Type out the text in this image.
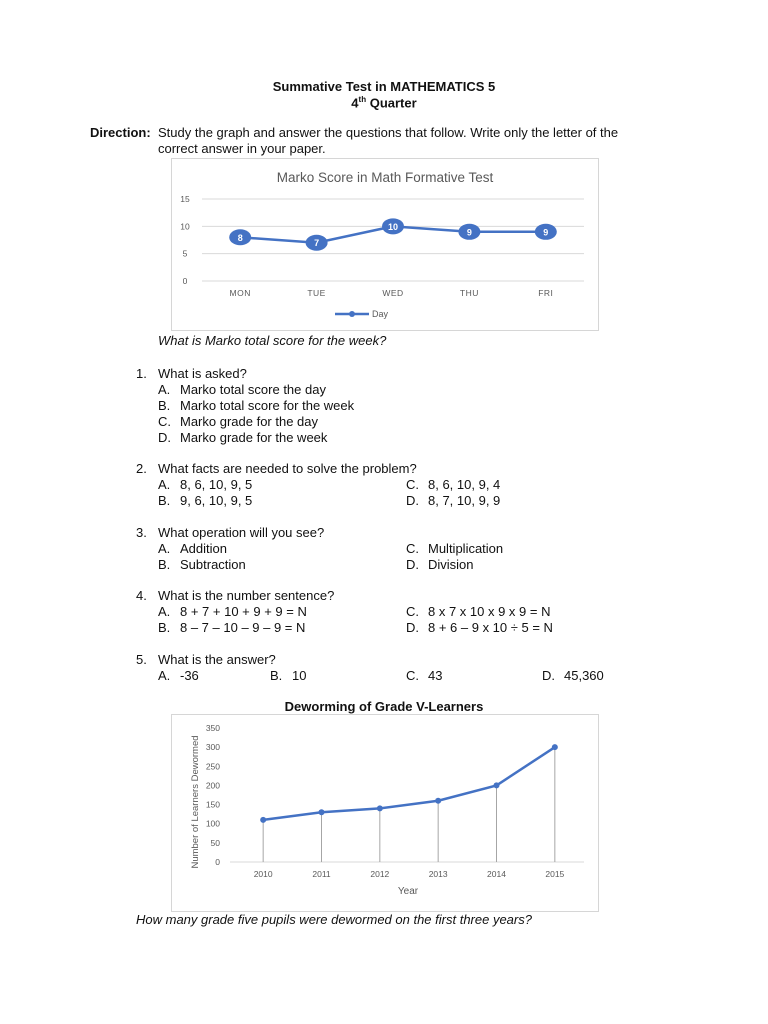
Summative Test in MATHEMATICS 5
4th Quarter
Direction: Study the graph and answer the questions that follow. Write only the letter of the
correct answer in your paper.
Marko Score in Math Formative Test
0
5
10
15
MON	TUE	WED	THU	FRI
8
7
10
9	9
Day
What is Marko total score for the week?
1. What is asked?
A. Marko total score the day
B. Marko total score for the week
C. Marko grade for the day
D. Marko grade for the week
2. What facts are needed to solve the problem?
A. 8, 6, 10, 9, 5	C. 8, 6, 10, 9, 4
B. 9, 6, 10, 9, 5	D. 8, 7, 10, 9, 9
3. What operation will you see?
A. Addition	C. Multiplication
B. Subtraction	D. Division
4. What is the number sentence?
A. 8 + 7 + 10 + 9 + 9 = N	C. 8 x 7 x 10 x 9 x 9 = N
B. 8 – 7 – 10 – 9 – 9 = N	D. 8 + 6 – 9 x 10 ÷ 5 = N
5. What is the answer?
A. -36	B. 10	C. 43	D. 45,360
Deworming of Grade V-Learners
0
50
100
150
200
250
300
350
2010	2011	2012	2013	2014	2015
Number of Learners Dewormed
Year
How many grade five pupils were dewormed on the first three years?
